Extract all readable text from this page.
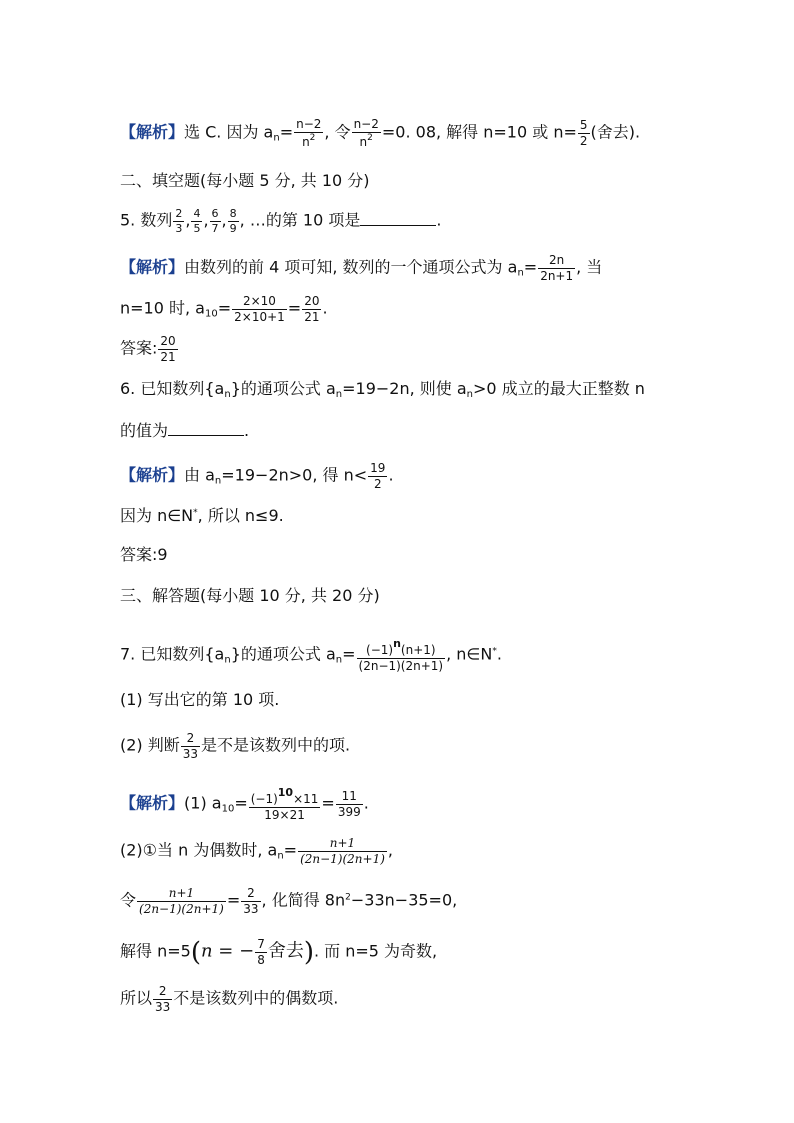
【解析】选 C. 因为 $a_n= \frac{n-2}{n^2}$ , 令 $\frac{n-2}{n^2} =0$. 08, 解得 n=10 或 $n= \frac{5}{2}$ (舍去).
二、填空题(每小题 5 分, 共 10 分)
5. 数列 $\frac{2}{3}$ , $\frac{4}{5}$ , $\frac{6}{7}$ , $\frac{8}{9}$ , …的第 10 项是	.
【解析】由数列的前 4 项可知, 数列的一个通项公式为 $a_n= \frac{2n}{2n+1}$ , 当
n=10 时, $a_{10}= \frac{2\times 10}{2\times 10+1} = \frac{20}{21}$ .
答案: $\frac{20}{21}$
6. 已知数列$\{a_n\}$的通项公式 $a_n=19-2n$, 则使 $a_n>0$ 成立的最大正整数 n
的值为	.
【解析】由 $a_n=19-2n>0$, 得 $n< \frac{19}{2}$ .
因为 n∈N*, 所以 n≤9.
答案:9
三、解答题(每小题 10 分, 共 20 分)
7. 已知数列$\{a_n\}$的通项公式 $a_n= \frac{(-1)n(n+1)}{(2n-1)(2n+1)}$ , n∈N*.
(1) 写出它的第 10 项.
(2) 判断 $\frac{2}{33}$ 是不是该数列中的项.
【解析】(1) $a_{10}= \frac{(-1)10\times 11}{19\times 21} = \frac{11}{399}$ .
(2)①当 n 为偶数时, $a_n= \frac{n+1}{(2n-1)(2n+1)}$ ,
令 $\frac{n+1}{(2n-1)(2n+1)} = \frac{2}{33}$ , 化简得 $8n^2-33n-35=0$,
解得 n=5(n = − $\frac{7}{8}$ 舍去). 而 n=5 为奇数,
所以 $\frac{2}{33}$ 不是该数列中的偶数项.
